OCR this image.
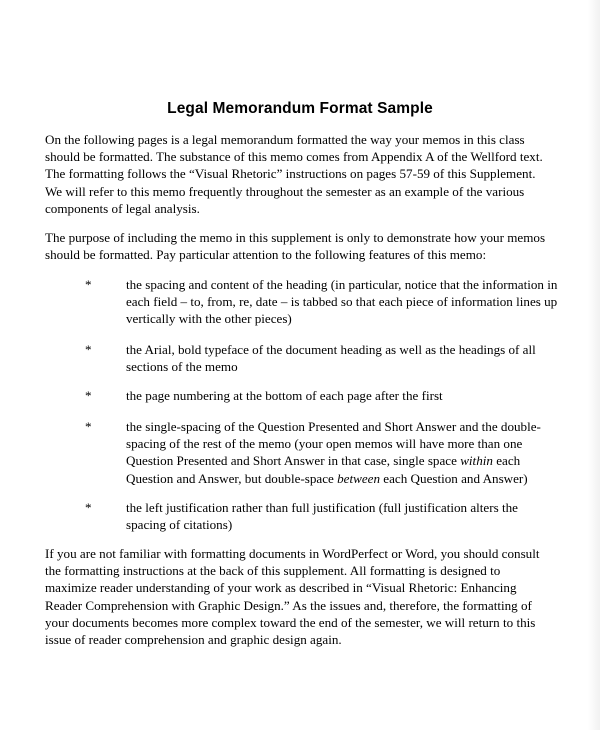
Legal Memorandum Format Sample

On the following pages is a legal memorandum formatted the way your memos in this class
should be formatted. The substance of this memo comes from Appendix A of the Wellford text.
The formatting follows the “Visual Rhetoric” instructions on pages 57-59 of this Supplement.
We will refer to this memo frequently throughout the semester as an example of the various
components of legal analysis.

The purpose of including the memo in this supplement is only to demonstrate how your memos
should be formatted. Pay particular attention to the following features of this memo:

*	the spacing and content of the heading (in particular, notice that the information in
each field – to, from, re, date – is tabbed so that each piece of information lines up
vertically with the other pieces)
*	the Arial, bold typeface of the document heading as well as the headings of all
sections of the memo
*	the page numbering at the bottom of each page after the first
*	the single-spacing of the Question Presented and Short Answer and the double-
spacing of the rest of the memo (your open memos will have more than one
Question Presented and Short Answer in that case, single space within each
Question and Answer, but double-space between each Question and Answer)
*	the left justification rather than full justification (full justification alters the
spacing of citations)

If you are not familiar with formatting documents in WordPerfect or Word, you should consult
the formatting instructions at the back of this supplement. All formatting is designed to
maximize reader understanding of your work as described in “Visual Rhetoric: Enhancing
Reader Comprehension with Graphic Design.” As the issues and, therefore, the formatting of
your documents becomes more complex toward the end of the semester, we will return to this
issue of reader comprehension and graphic design again.
